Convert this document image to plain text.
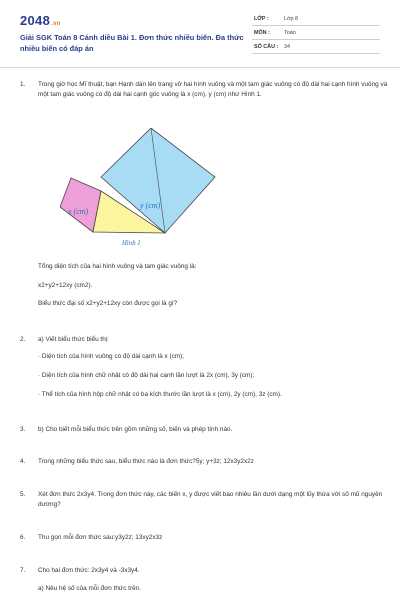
2048.vn
Giải SGK Toán 8 Cánh diều Bài 1. Đơn thức nhiều biến. Đa thức nhiều biến có đáp án
LỚP :	Lớp 8
MÔN :	Toán
SỐ CÂU : 34
1. Trong giờ học Mĩ thuật, bạn Hạnh dán lên trang vở hai hình vuông và một tam giác vuông có độ dài hai cạnh hình vuông và một tam giác vuông có độ dài hai cạnh góc vuông là x (cm), y (cm) như Hình 1.
x (cm)
y (cm)
Hình 1
Tổng diện tích của hai hình vuông và tam giác vuông là:
x2+y2+12xy (cm2).
Biểu thức đại số x2+y2+12xy còn được gọi là gì?
2. a) Viết biểu thức biểu thị:
· Diện tích của hình vuông có độ dài cạnh là x (cm);
· Diện tích của hình chữ nhật có độ dài hai cạnh lần lượt là 2x (cm), 3y (cm);
· Thể tích của hình hộp chữ nhật có ba kích thước lần lượt là x (cm), 2y (cm), 3z (cm).
3. b) Cho biết mỗi biểu thức trên gồm những số, biến và phép tính nào.
4. Trong những biểu thức sau, biểu thức nào là đơn thức?5y; y+3z; 12x3y2x2z
5. Xét đơn thức 2x3y4. Trong đơn thức này, các biến x, y được viết bao nhiêu lần dưới dạng một lũy thừa với số mũ nguyên dương?
6. Thu gọn mỗi đơn thức sau:y3y2z; 13xy2x3z
7. Cho hai đơn thức: 2x3y4 và -3x3y4.
a) Nêu hệ số của mỗi đơn thức trên.
